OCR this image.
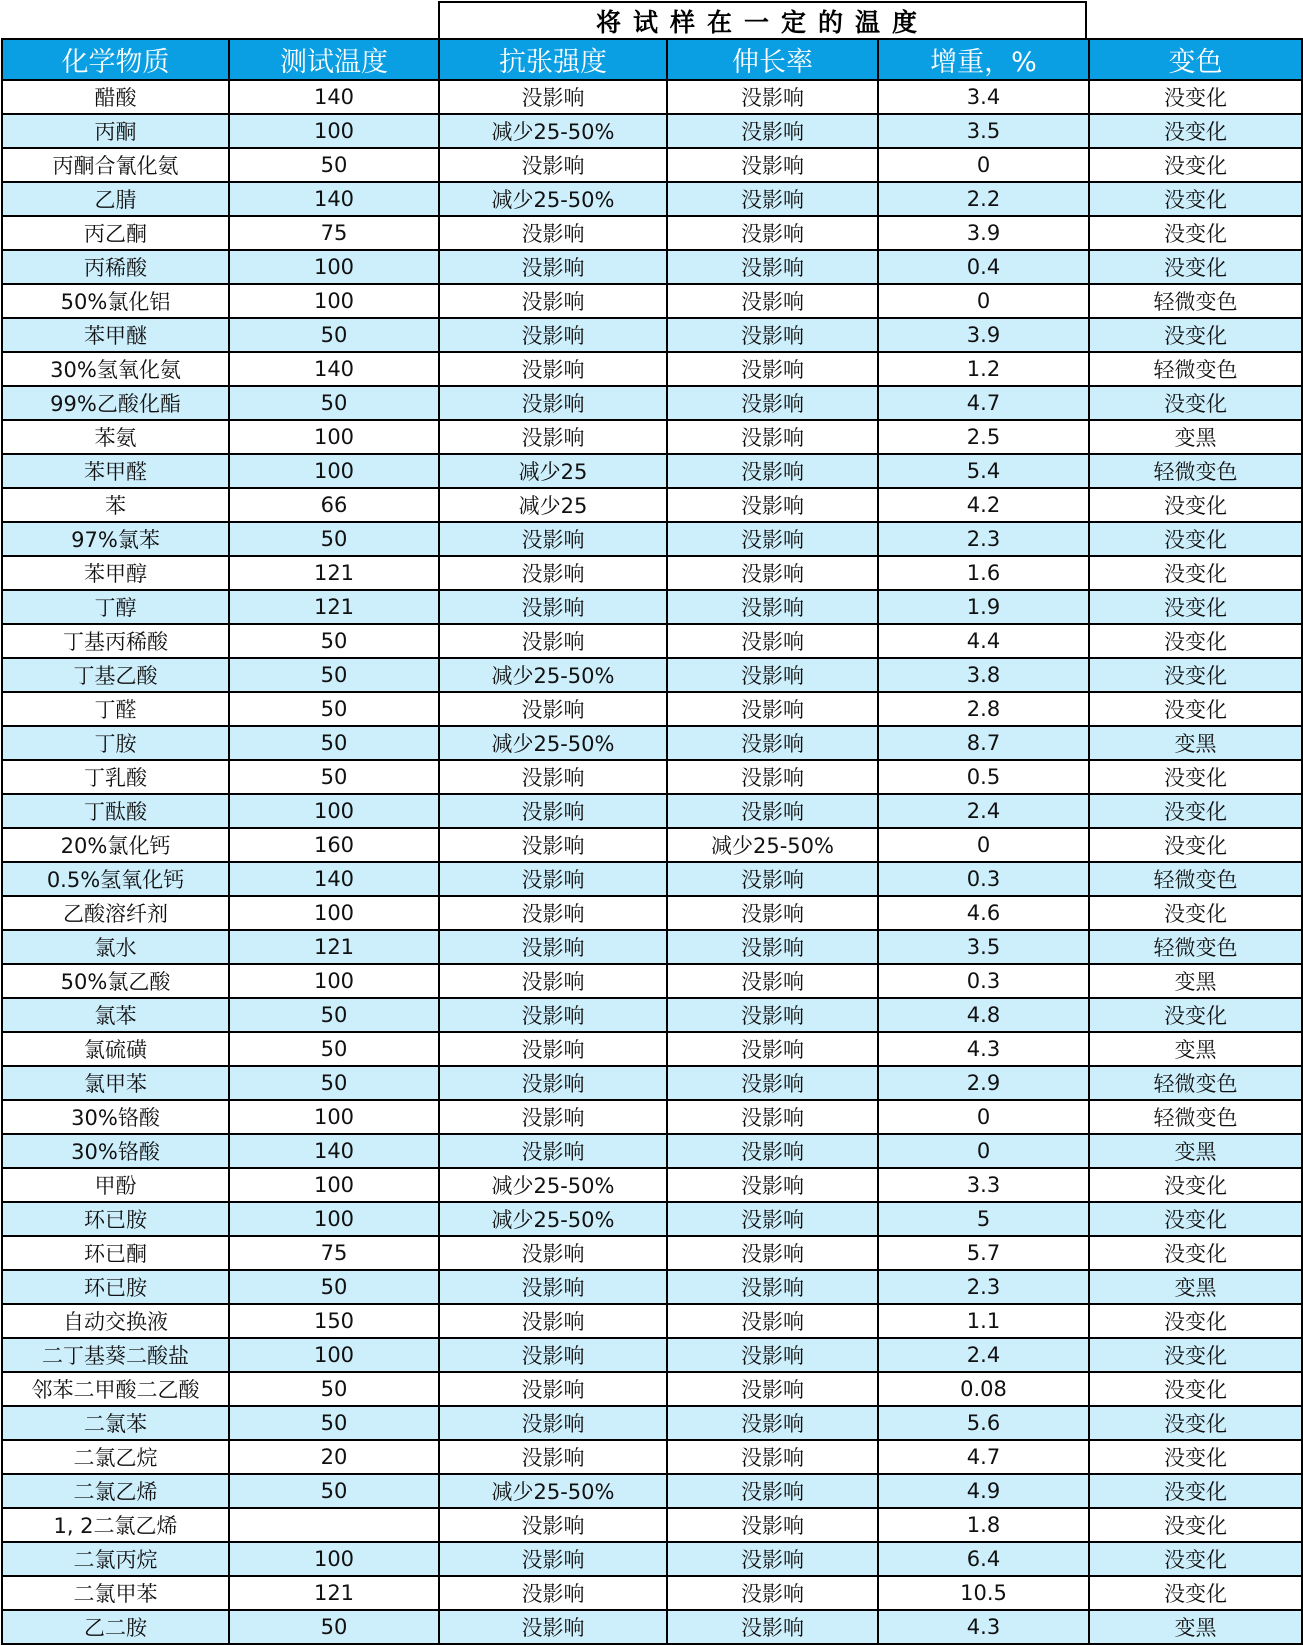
将试样在一定的温度
化学物质	测试温度	抗张强度	伸长率	增重，%	变色
醋酸	140	没影响	没影响	3.4	没变化
丙酮	100	减少25-50%	没影响	3.5	没变化
丙酮合氰化氨	50	没影响	没影响	0	没变化
乙腈	140	减少25-50%	没影响	2.2	没变化
丙乙酮	75	没影响	没影响	3.9	没变化
丙稀酸	100	没影响	没影响	0.4	没变化
50%氯化铝	100	没影响	没影响	0	轻微变色
苯甲醚	50	没影响	没影响	3.9	没变化
30%氢氧化氨	140	没影响	没影响	1.2	轻微变色
99%乙酸化酯	50	没影响	没影响	4.7	没变化
苯氨	100	没影响	没影响	2.5	变黑
苯甲醛	100	减少25	没影响	5.4	轻微变色
苯	66	减少25	没影响	4.2	没变化
97%氯苯	50	没影响	没影响	2.3	没变化
苯甲醇	121	没影响	没影响	1.6	没变化
丁醇	121	没影响	没影响	1.9	没变化
丁基丙稀酸	50	没影响	没影响	4.4	没变化
丁基乙酸	50	减少25-50%	没影响	3.8	没变化
丁醛	50	没影响	没影响	2.8	没变化
丁胺	50	减少25-50%	没影响	8.7	变黑
丁乳酸	50	没影响	没影响	0.5	没变化
丁酞酸	100	没影响	没影响	2.4	没变化
20%氯化钙	160	没影响	减少25-50%	0	没变化
0.5%氢氧化钙	140	没影响	没影响	0.3	轻微变色
乙酸溶纤剂	100	没影响	没影响	4.6	没变化
氯水	121	没影响	没影响	3.5	轻微变色
50%氯乙酸	100	没影响	没影响	0.3	变黑
氯苯	50	没影响	没影响	4.8	没变化
氯硫磺	50	没影响	没影响	4.3	变黑
氯甲苯	50	没影响	没影响	2.9	轻微变色
30%铬酸	100	没影响	没影响	0	轻微变色
30%铬酸	140	没影响	没影响	0	变黑
甲酚	100	减少25-50%	没影响	3.3	没变化
环已胺	100	减少25-50%	没影响	5	没变化
环已酮	75	没影响	没影响	5.7	没变化
环已胺	50	没影响	没影响	2.3	变黑
自动交换液	150	没影响	没影响	1.1	没变化
二丁基葵二酸盐	100	没影响	没影响	2.4	没变化
邻苯二甲酸二乙酸	50	没影响	没影响	0.08	没变化
二氯苯	50	没影响	没影响	5.6	没变化
二氯乙烷	20	没影响	没影响	4.7	没变化
二氯乙烯	50	减少25-50%	没影响	4.9	没变化
1, 2二氯乙烯		没影响	没影响	1.8	没变化
二氯丙烷	100	没影响	没影响	6.4	没变化
二氯甲苯	121	没影响	没影响	10.5	没变化
乙二胺	50	没影响	没影响	4.3	变黑
